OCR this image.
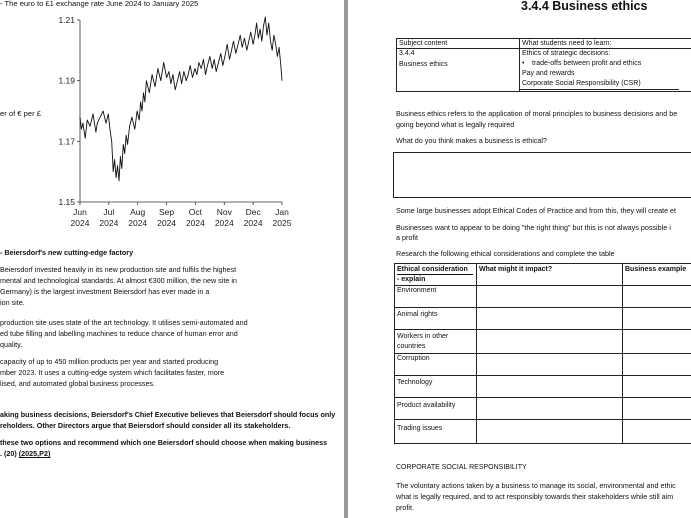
- The euro to £1 exchange rate June 2024 to January 2025
er of € per £
1.15
1.17
1.19
1.21
Jun
2024
Jul
2024
Aug
2024
Sep
2024
Oct
2024
Nov
2024
Dec
2024
Jan
2025
- Beiersdorf's new cutting-edge factory
Beiersdorf invested heavily in its new production site and fulfils the highest
mental and technological standards. At almost €300 million, the new site in
Germany) is the largest investment Beiersdorf has ever made in a
ion site.
production site uses state of the art technology. It utilises semi-automated and
ed tube filling and labelling machines to reduce chance of human error and
quality.
capacity of up to 450 million products per year and started producing
mber 2023. It uses a cutting-edge system which facilitates faster, more
lised, and automated global business processes.
aking business decisions, Beiersdorf's Chief Executive believes that Beiersdorf should focus only
reholders. Other Directors argue that Beiersdorf should consider all its stakeholders.
these two options and recommend which one Beiersdorf should choose when making business
. (20) (2025,P2)
3.4.4 Business ethics
Subject content	What students need to learn:
3.4.4
Business ethics
Ethics of strategic decisions:
• trade-offs between profit and ethics
Pay and rewards
Corporate Social Responsibility (CSR)
Business ethics refers to the application of moral principles to business decisions and be
going beyond what is legally required
What do you think makes a business is ethical?
Some large businesses adopt Ethical Codes of Practice and from this, they will create et
Businesses want to appear to be doing "the right thing" but this is not always possible i
a profit
Research the following ethical considerations and complete the table
Ethical consideration
- explain
What might it impact?	Business example
Environment
Animal rights
Workers in other
countries
Corruption
Technology
Product availability
Trading issues
CORPORATE SOCIAL RESPONSIBILITY
The voluntary actions taken by a business to manage its social, environmental and ethic
what is legally required, and to act responsibly towards their stakeholders while still aim
profit.
